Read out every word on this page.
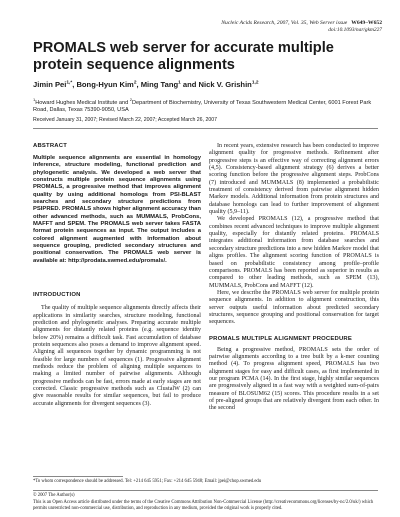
Nucleic Acids Research, 2007, Vol. 35, Web Server issue W649–W652
doi:10.1093/nar/gkm227
PROMALS web server for accurate multiple protein sequence alignments
Jimin Pei$^{1,*}$, Bong-Hyun Kim$^2$, Ming Tang$^1$ and Nick V. Grishin$^{1,2}$
$^1$Howard Hughes Medical Institute and $^2$Department of Biochemistry, University of Texas Southwestern Medical Center, 6001 Forest Park Road, Dallas, Texas 75390-9050, USA
Received January 31, 2007; Revised March 22, 2007; Accepted March 26, 2007
ABSTRACT

Multiple sequence alignments are essential in homology inference, structure modeling, functional prediction and phylogenetic analysis. We developed a web server that constructs multiple protein sequence alignments using PROMALS, a progressive method that improves alignment quality by using additional homologs from PSI-BLAST searches and secondary structure predictions from PSIPRED. PROMALS shows higher alignment accuracy than other advanced methods, such as MUMMALS, ProbCons, MAFFT and SPEM. The PROMALS web server takes FASTA format protein sequences as input. The output includes a colored alignment augmented with information about sequence grouping, predicted secondary structures and positional conservation. The PROMALS web server is available at: http://prodata.swmed.edu/promals/.

INTRODUCTION

The quality of multiple sequence alignments directly affects their applications in similarity searches, structure modeling, functional prediction and phylogenetic analyses. Preparing accurate multiple alignments for distantly related proteins (e.g. sequence identity below 20%) remains a difficult task. Fast accumulation of database protein sequences also poses a demand to improve alignment speed. Aligning all sequences together by dynamic programming is not feasible for large numbers of sequences (1). Progressive alignment methods reduce the problem of aligning multiple sequences to making a limited number of pairwise alignments. Although progressive methods can be fast, errors made at early stages are not corrected. Classic progressive methods such as ClustalW (2) can give reasonable results for similar sequences, but fail to produce accurate alignments for divergent sequences (3).

In recent years, extensive research has been conducted to improve alignment quality for progressive methods. Refinement after progressive steps is an effective way of correcting alignment errors (4,5). Consistency-based alignment strategy (6) derives a better scoring function before the progressive alignment steps. ProbCons (7) introduced and MUMMALS (8) implemented a probabilistic treatment of consistency derived from pairwise alignment hidden Markov models. Additional information from protein structures and database homologs can lead to further improvement of alignment quality (5,9–11).

We developed PROMALS (12), a progressive method that combines recent advanced techniques to improve multiple alignment quality, especially for distantly related proteins. PROMALS integrates additional information from database searches and secondary structure predictions into a new hidden Markov model that aligns profiles. The alignment scoring function of PROMALS is based on probabilistic consistency among profile–profile comparisons. PROMALS has been reported as superior in results as compared to other leading methods, such as SPEM (13), MUMMALS, ProbCons and MAFFT (12).

Here, we describe the PROMALS web server for multiple protein sequence alignments. In addition to alignment construction, this server outputs useful information about predicted secondary structures, sequence grouping and positional conservation for target sequences.

PROMALS MULTIPLE ALIGNMENT PROCEDURE

Being a progressive method, PROMALS sets the order of pairwise alignments according to a tree built by a k-mer counting method (4). To progress alignment speed, PROMALS has two alignment stages for easy and difficult cases, as first implemented in our program PCMA (14). In the first stage, highly similar sequences are progressively aligned in a fast way with a weighted sum-of-pairs measure of BLOSUM62 (15) scores. This procedure results in a set of pre-aligned groups that are relatively divergent from each other. In the second

*To whom correspondence should be addressed. Tel: +214 645 5951; Fax: +214 645 5948; Email: jpei@chop.swmed.edu
© 2007 The Author(s)
This is an Open Access article distributed under the terms of the Creative Commons Attribution Non-Commercial License (http://creativecommons.org/licenses/by-nc/2.0/uk/) which permits unrestricted non-commercial use, distribution, and reproduction in any medium, provided the original work is properly cited.
